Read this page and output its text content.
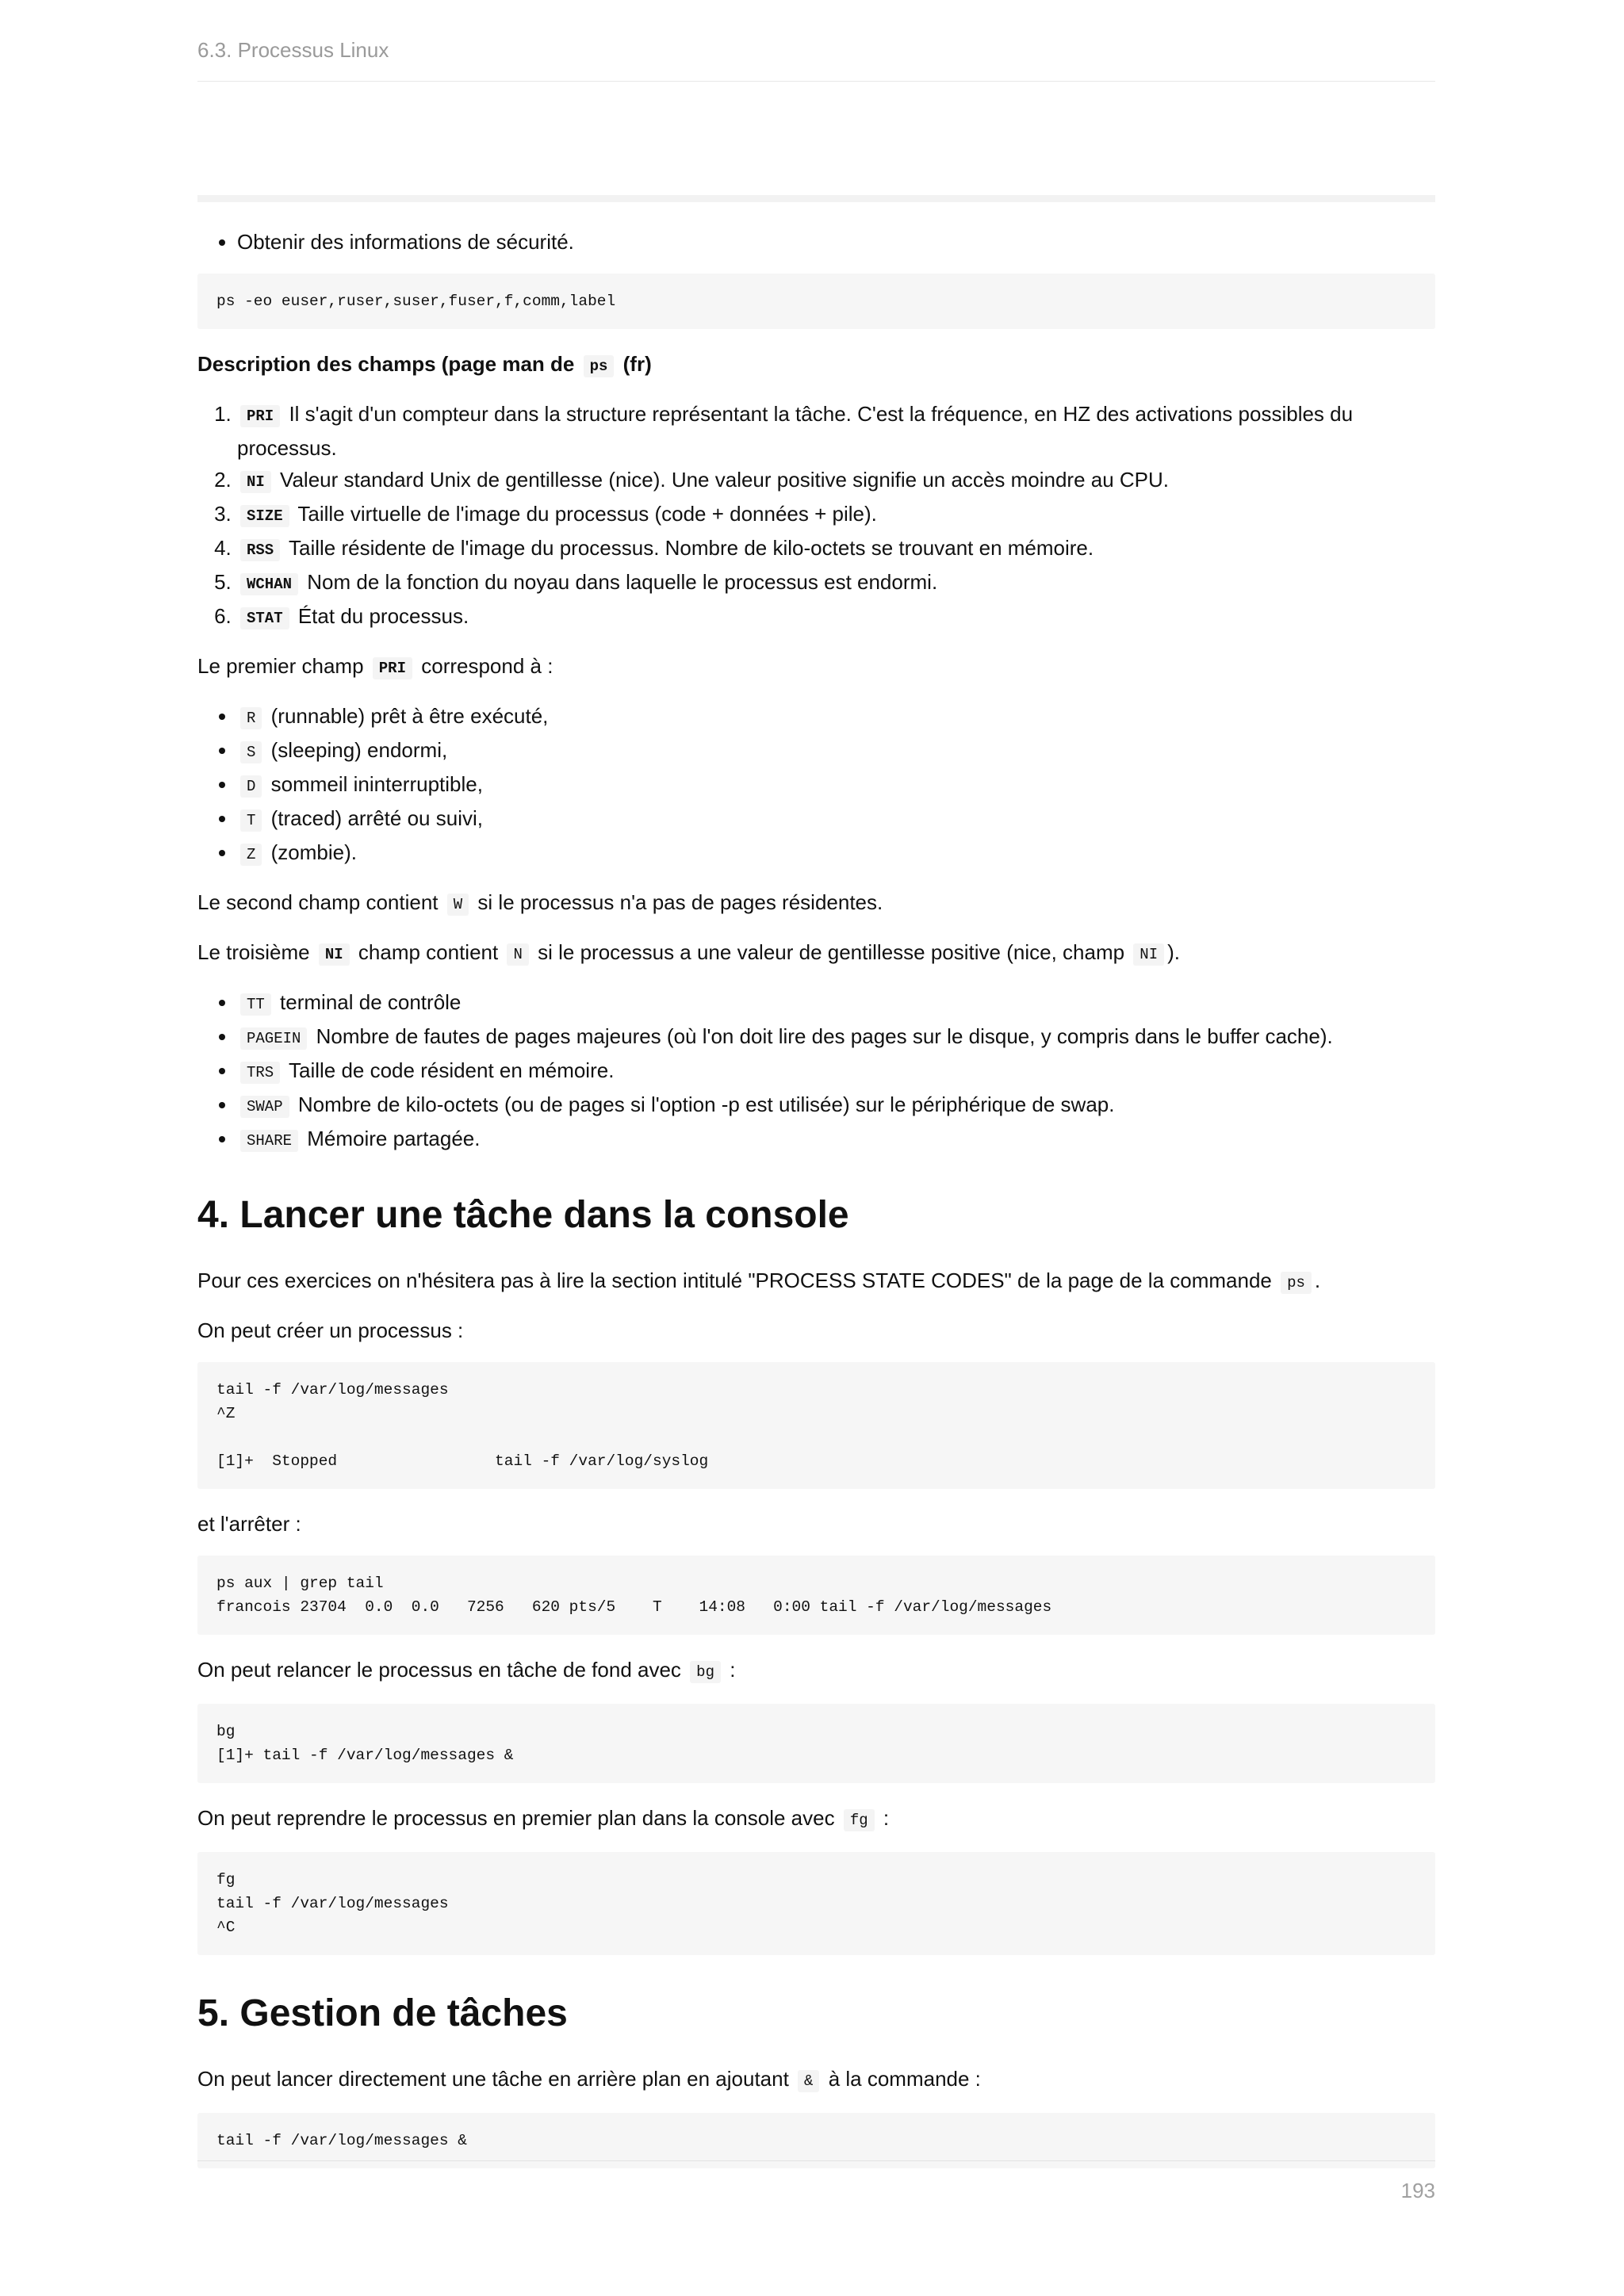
6.3. Processus Linux
• Obtenir des informations de sécurité.
ps -eo euser,ruser,suser,fuser,f,comm,label

Description des champs (page man de ps (fr)

1. PRI Il s'agit d'un compteur dans la structure représentant la tâche. C'est la fréquence, en HZ des activations possibles du processus.
2. NI Valeur standard Unix de gentillesse (nice). Une valeur positive signifie un accès moindre au CPU.
3. SIZE Taille virtuelle de l'image du processus (code + données + pile).
4. RSS Taille résidente de l'image du processus. Nombre de kilo-octets se trouvant en mémoire.
5. WCHAN Nom de la fonction du noyau dans laquelle le processus est endormi.
6. STAT État du processus.

Le premier champ PRI correspond à :

• R (runnable) prêt à être exécuté,
• S (sleeping) endormi,
• D sommeil ininterruptible,
• T (traced) arrêté ou suivi,
• Z (zombie).

Le second champ contient W si le processus n'a pas de pages résidentes.

Le troisième NI champ contient N si le processus a une valeur de gentillesse positive (nice, champ NI ).

• TT terminal de contrôle
• PAGEIN Nombre de fautes de pages majeures (où l'on doit lire des pages sur le disque, y compris dans le buffer cache).
• TRS Taille de code résident en mémoire.
• SWAP Nombre de kilo-octets (ou de pages si l'option -p est utilisée) sur le périphérique de swap.
• SHARE Mémoire partagée.
4. Lancer une tâche dans la console

Pour ces exercices on n'hésitera pas à lire la section intitulé "PROCESS STATE CODES" de la page de la commande ps .

On peut créer un processus :

tail -f /var/log/messages
^Z

[1]+  Stopped                 tail -f /var/log/syslog

et l'arrêter :

ps aux | grep tail
francois 23704  0.0  0.0   7256   620 pts/5    T    14:08   0:00 tail -f /var/log/messages

On peut relancer le processus en tâche de fond avec bg :

bg
[1]+ tail -f /var/log/messages &

On peut reprendre le processus en premier plan dans la console avec fg :

fg
tail -f /var/log/messages
^C
5. Gestion de tâches

On peut lancer directement une tâche en arrière plan en ajoutant & à la commande :

tail -f /var/log/messages &
193
